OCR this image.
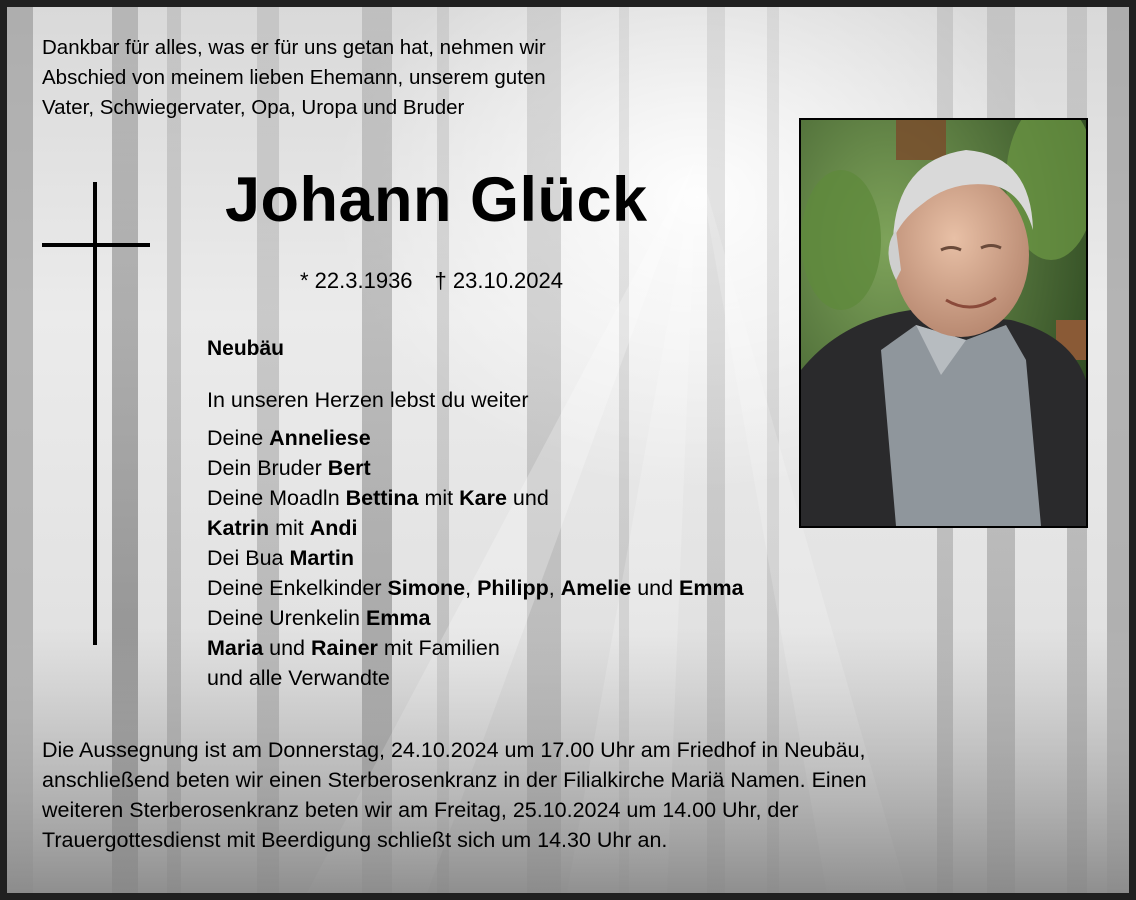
Dankbar für alles, was er für uns getan hat, nehmen wir
Abschied von meinem lieben Ehemann, unserem guten
Vater, Schwiegervater, Opa, Uropa und Bruder
Johann Glück
* 22.3.1936 † 23.10.2024
Neubäu
In unseren Herzen lebst du weiter
Deine Anneliese
Dein Bruder Bert
Deine Moadln Bettina mit Kare und
Katrin mit Andi
Dei Bua Martin
Deine Enkelkinder Simone, Philipp, Amelie und Emma
Deine Urenkelin Emma
Maria und Rainer mit Familien
und alle Verwandte
Die Aussegnung ist am Donnerstag, 24.10.2024 um 17.00 Uhr am Friedhof in Neubäu,
anschließend beten wir einen Sterberosenkranz in der Filialkirche Mariä Namen. Einen
weiteren Sterberosenkranz beten wir am Freitag, 25.10.2024 um 14.00 Uhr, der
Trauergottesdienst mit Beerdigung schließt sich um 14.30 Uhr an.
